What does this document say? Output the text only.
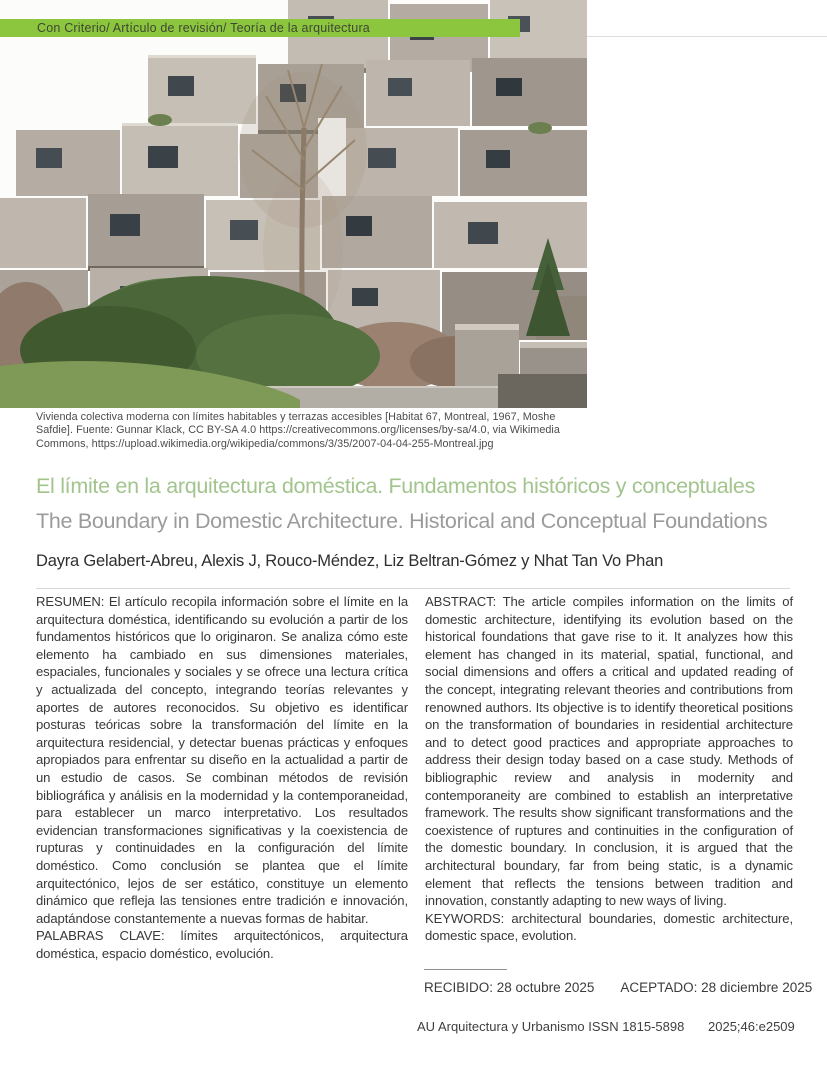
Con Criterio/ Artículo de revisión/ Teoría de la arquitectura
Vivienda colectiva moderna con límites habitables y terrazas accesibles [Habitat 67, Montreal, 1967, Moshe Safdie]. Fuente: Gunnar Klack, CC BY-SA 4.0 https://creativecommons.org/licenses/by-sa/4.0, via Wikimedia Commons, https://upload.wikimedia.org/wikipedia/commons/3/35/2007-04-04-255-Montreal.jpg
El límite en la arquitectura doméstica. Fundamentos históricos y conceptuales
The Boundary in Domestic Architecture. Historical and Conceptual Foundations
Dayra Gelabert-Abreu, Alexis J, Rouco-Méndez, Liz Beltran-Gómez y Nhat Tan Vo Phan

RESUMEN: El artículo recopila información sobre el límite en la arquitectura doméstica, identificando su evolución a partir de los fundamentos históricos que lo originaron. Se analiza cómo este elemento ha cambiado en sus dimensiones materiales, espaciales, funcionales y sociales y se ofrece una lectura crítica y actualizada del concepto, integrando teorías relevantes y aportes de autores reconocidos. Su objetivo es identificar posturas teóricas sobre la transformación del límite en la arquitectura residencial, y detectar buenas prácticas y enfoques apropiados para enfrentar su diseño en la actualidad a partir de un estudio de casos. Se combinan métodos de revisión bibliográfica y análisis en la modernidad y la contemporaneidad, para establecer un marco interpretativo. Los resultados evidencian transformaciones significativas y la coexistencia de rupturas y continuidades en la configuración del límite doméstico. Como conclusión se plantea que el límite arquitectónico, lejos de ser estático, constituye un elemento dinámico que refleja las tensiones entre tradición e innovación, adaptándose constantemente a nuevas formas de habitar.

PALABRAS CLAVE: límites arquitectónicos, arquitectura doméstica, espacio doméstico, evolución.

ABSTRACT: The article compiles information on the limits of domestic architecture, identifying its evolution based on the historical foundations that gave rise to it. It analyzes how this element has changed in its material, spatial, functional, and social dimensions and offers a critical and updated reading of the concept, integrating relevant theories and contributions from renowned authors. Its objective is to identify theoretical positions on the transformation of boundaries in residential architecture and to detect good practices and appropriate approaches to address their design today based on a case study. Methods of bibliographic review and analysis in modernity and contemporaneity are combined to establish an interpretative framework. The results show significant transformations and the coexistence of ruptures and continuities in the configuration of the domestic boundary. In conclusion, it is argued that the architectural boundary, far from being static, is a dynamic element that reflects the tensions between tradition and innovation, constantly adapting to new ways of living.

KEYWORDS: architectural boundaries, domestic architecture, domestic space, evolution.

RECIBIDO: 28 octubre 2025 ACEPTADO: 28 diciembre 2025
AU Arquitectura y Urbanismo ISSN 1815-5898 2025;46:e2509
